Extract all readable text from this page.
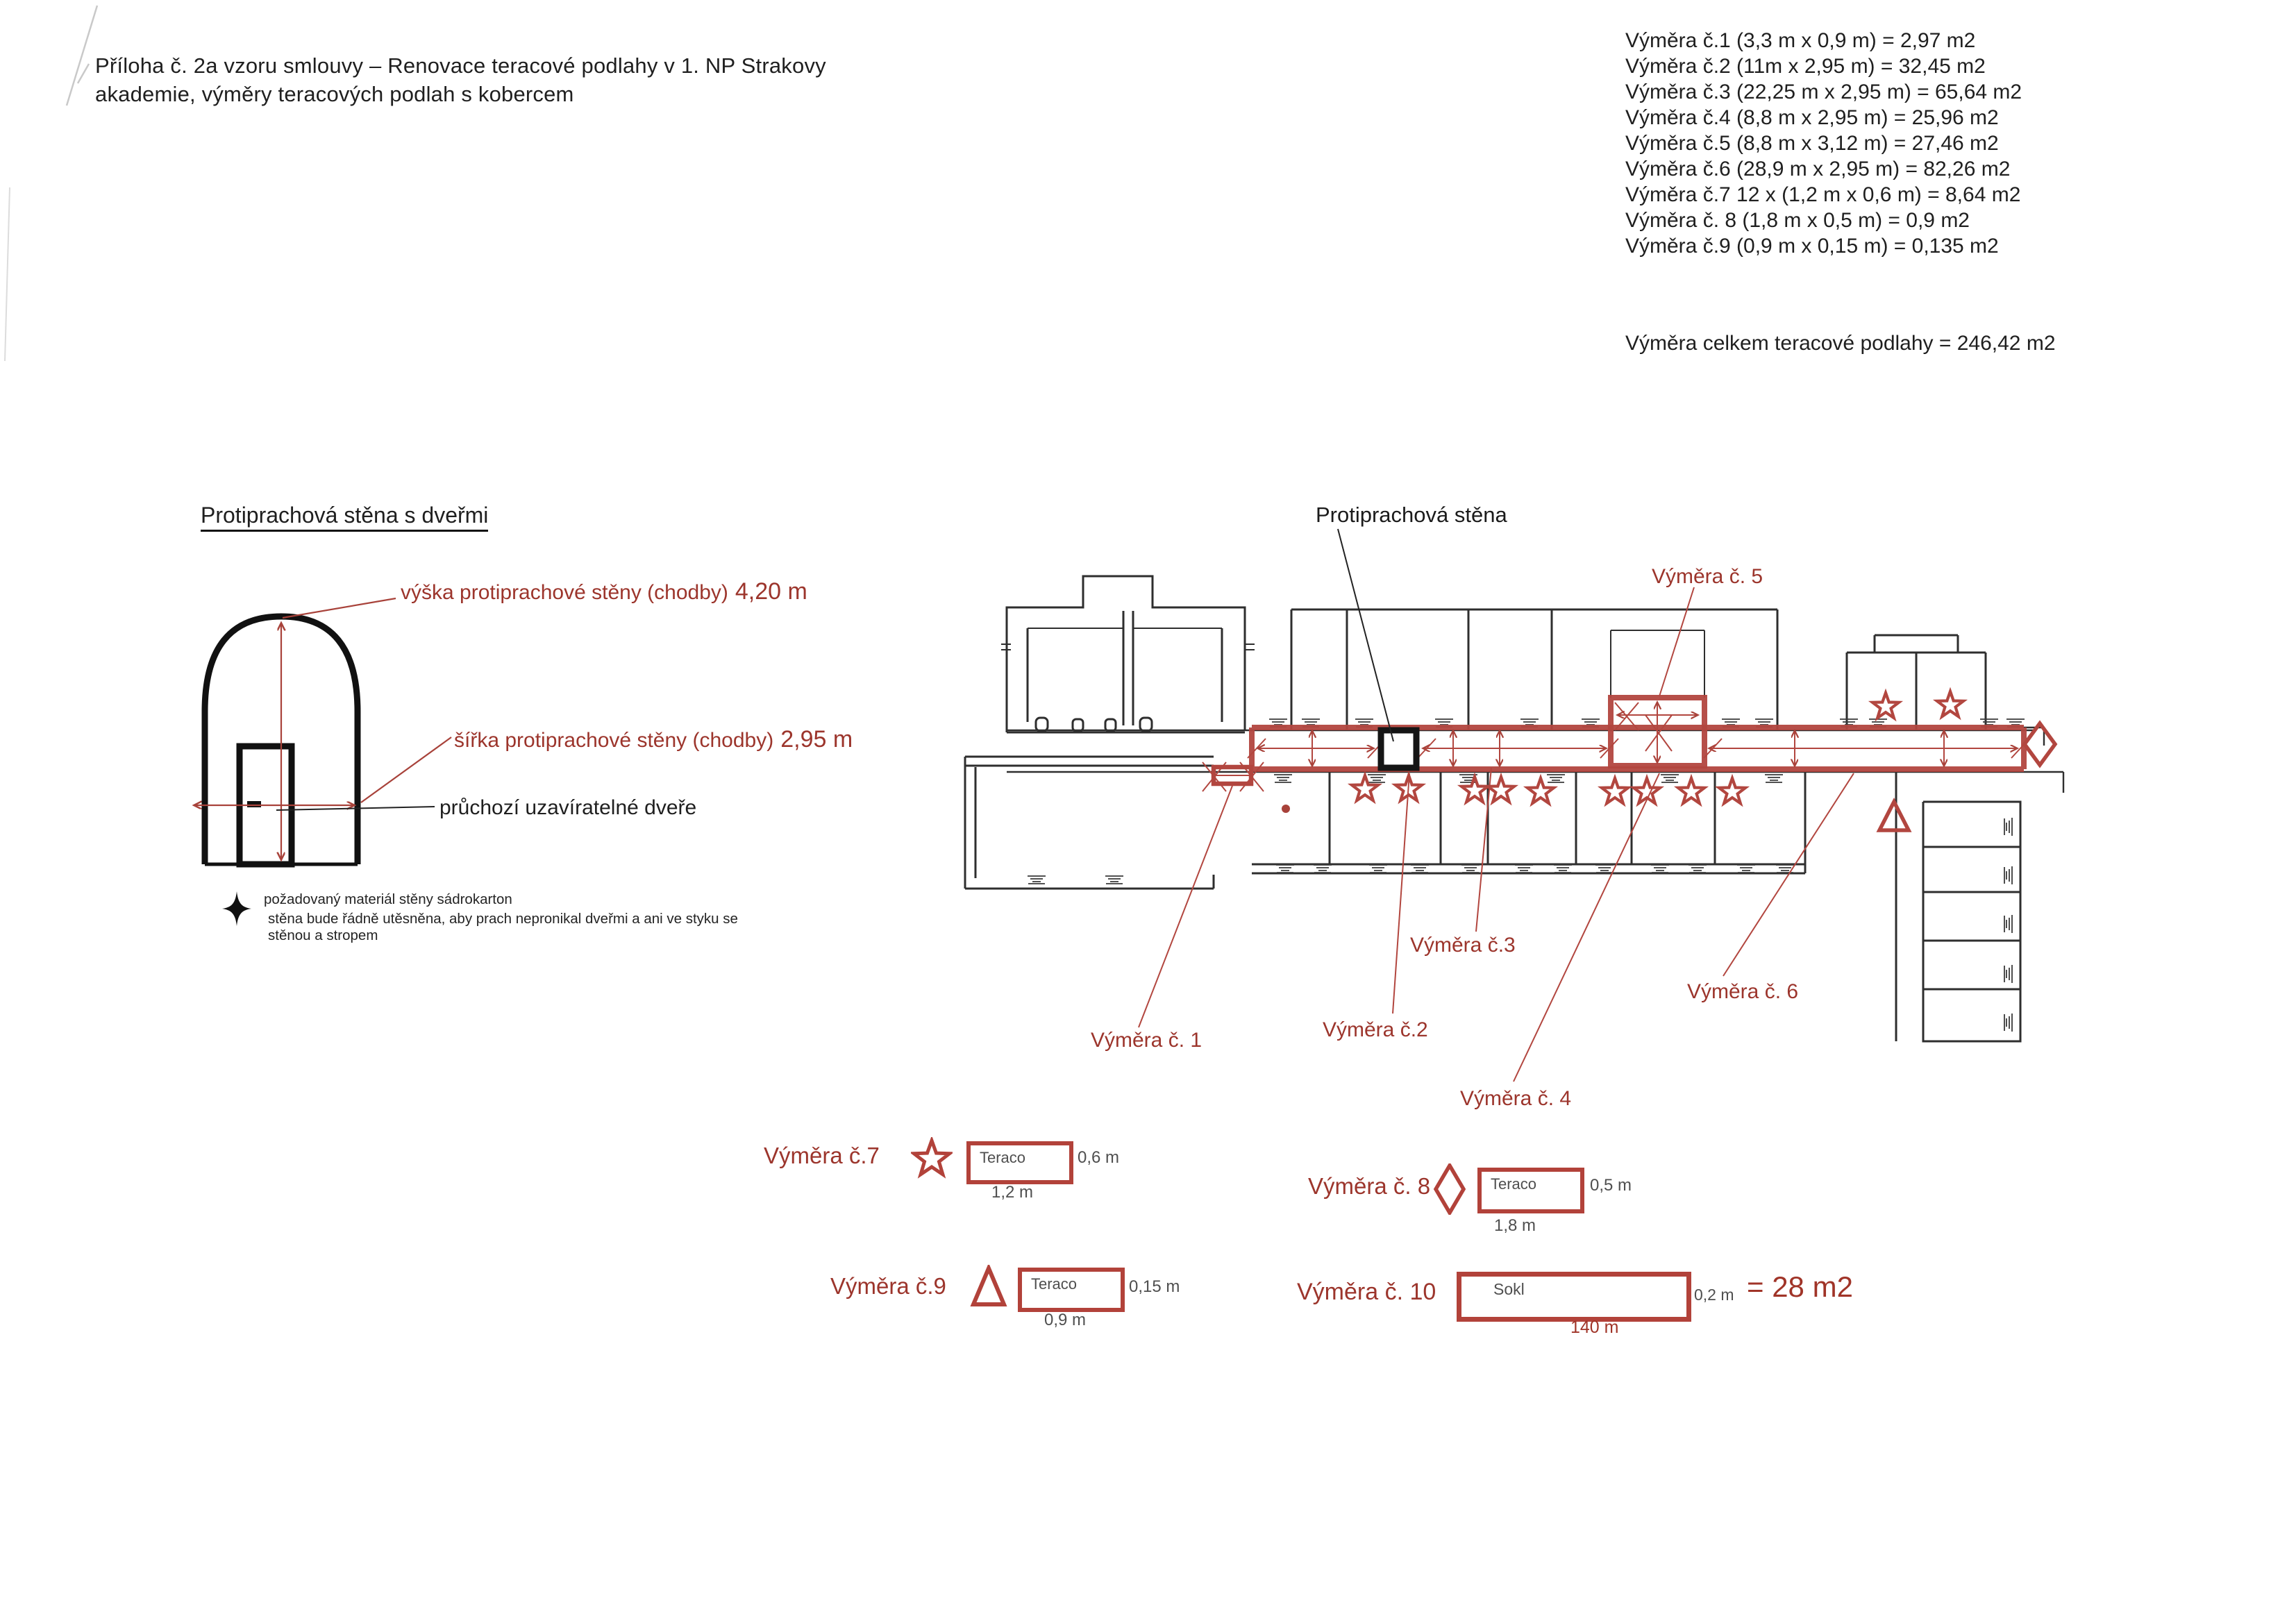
Příloha č. 2a vzoru smlouvy – Renovace teracové podlahy v 1. NP Strakovy
akademie, výměry teracových podlah s kobercem
Výměra č.1 (3,3 m x 0,9 m) = 2,97 m2
Výměra č.2 (11m x 2,95 m) = 32,45 m2
Výměra č.3 (22,25 m x 2,95 m) = 65,64 m2
Výměra č.4 (8,8 m x 2,95 m) = 25,96 m2
Výměra č.5 (8,8 m x 3,12 m) = 27,46 m2
Výměra č.6 (28,9 m x 2,95 m) = 82,26 m2
Výměra č.7 12 x (1,2 m x 0,6 m) = 8,64 m2
Výměra č. 8 (1,8 m x 0,5 m) = 0,9 m2
Výměra č.9 (0,9 m x 0,15 m) = 0,135 m2
Výměra celkem teracové podlahy = 246,42 m2
Protiprachová stěna s dveřmi
výška protiprachové stěny (chodby) 4,20 m
šířka protiprachové stěny (chodby) 2,95 m
průchozí uzavíratelné dveře
požadovaný materiál stěny sádrokarton
stěna bude řádně utěsněna, aby prach nepronikal dveřmi a ani ve styku se
stěnou a stropem
Protiprachová stěna
Výměra č. 5
Výměra č. 1	Výměra č.2
Výměra č.3
Výměra č. 4
Výměra č. 6
Výměra č.7	Teraco	0,6 m
1,2 m	Výměra č. 8	Teraco	0,5 m
1,8 m
Výměra č.9	Teraco	0,15 m
0,9 m
Výměra č. 10	Sokl	0,2 m = 28 m2
140 m
